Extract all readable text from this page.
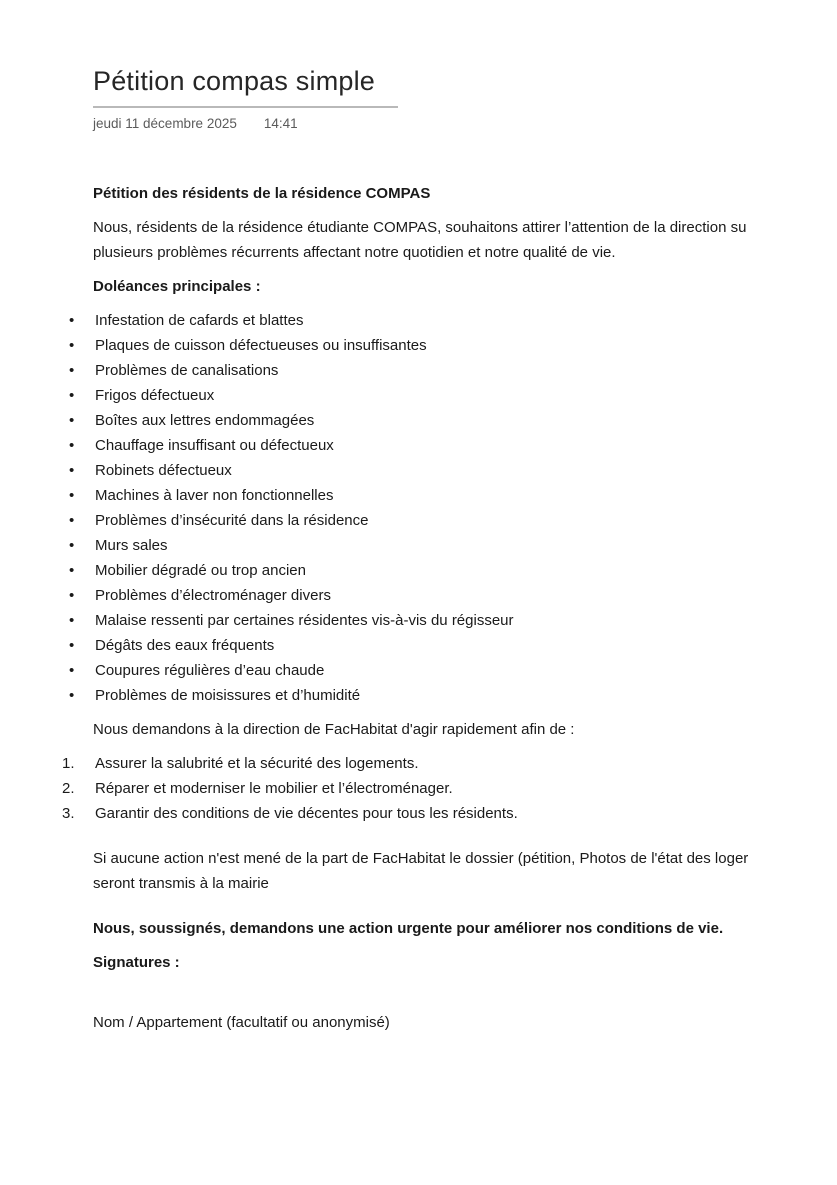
Pétition compas simple
jeudi 11 décembre 2025 14:41

Pétition des résidents de la résidence COMPAS

Nous, résidents de la résidence étudiante COMPAS, souhaitons attirer l’attention de la direction su

plusieurs problèmes récurrents affectant notre quotidien et notre qualité de vie.

Doléances principales :

• Infestation de cafards et blattes
• Plaques de cuisson défectueuses ou insuffisantes
• Problèmes de canalisations
• Frigos défectueux
• Boîtes aux lettres endommagées
• Chauffage insuffisant ou défectueux
• Robinets défectueux
• Machines à laver non fonctionnelles
• Problèmes d’insécurité dans la résidence
• Murs sales
• Mobilier dégradé ou trop ancien
• Problèmes d’électroménager divers
• Malaise ressenti par certaines résidentes vis-à-vis du régisseur
• Dégâts des eaux fréquents
• Coupures régulières d’eau chaude
• Problèmes de moisissures et d’humidité

Nous demandons à la direction de FacHabitat d'agir rapidement afin de :

Assurer la salubrité et la sécurité des logements.
Réparer et moderniser le mobilier et l’électroménager.
Garantir des conditions de vie décentes pour tous les résidents.

Si aucune action n'est mené de la part de FacHabitat le dossier (pétition, Photos de l'état des loger

seront transmis à la mairie

Nous, soussignés, demandons une action urgente pour améliorer nos conditions de vie.

Signatures :

Nom / Appartement (facultatif ou anonymisé)
